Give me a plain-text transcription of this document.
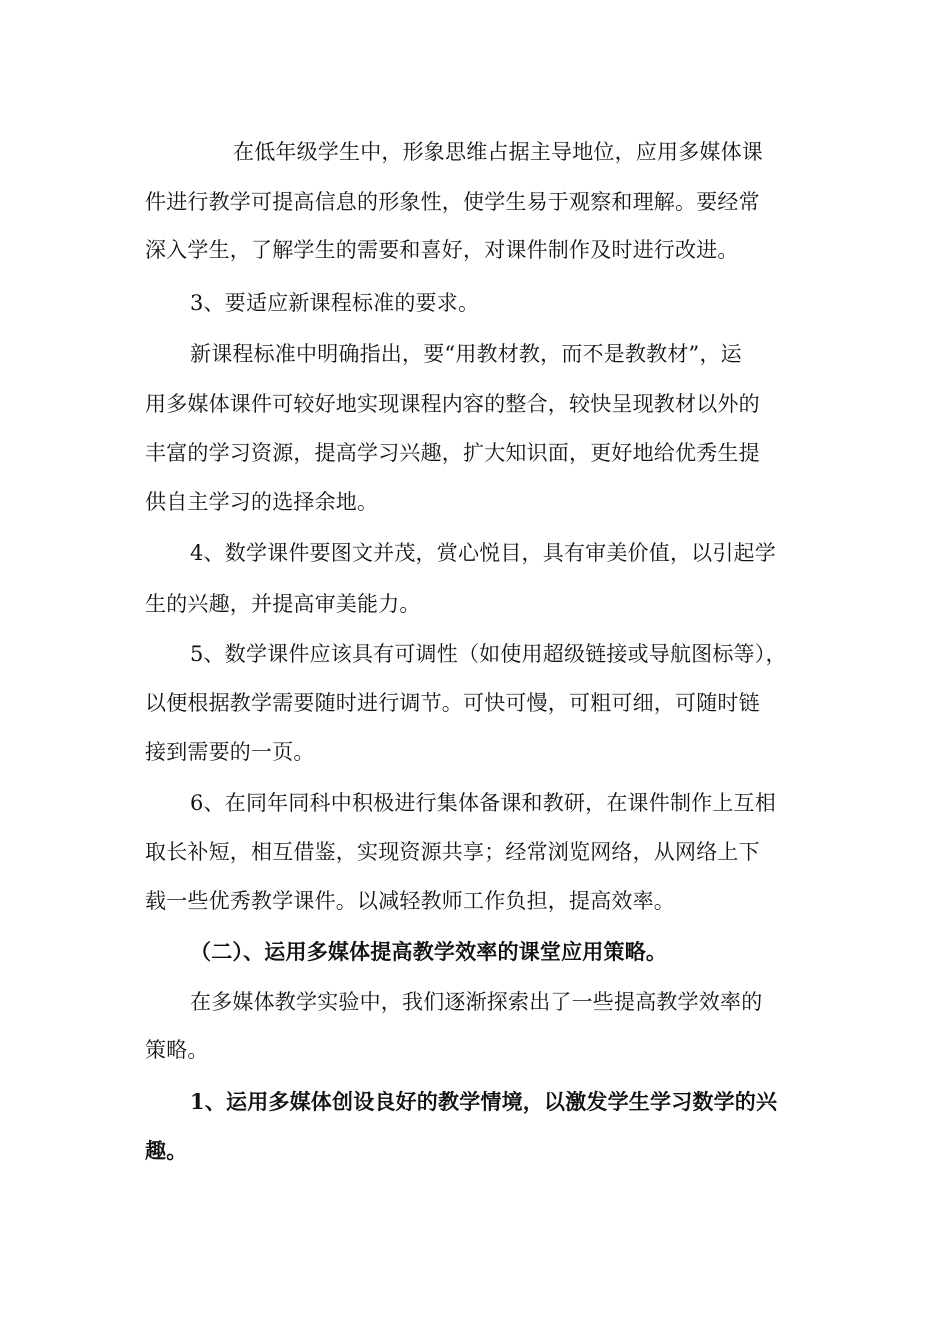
在低年级学生中，形象思维占据主导地位，应用多媒体课
件进行教学可提高信息的形象性，使学生易于观察和理解。要经常
深入学生，了解学生的需要和喜好，对课件制作及时进行改进。
3、要适应新课程标准的要求。
新课程标准中明确指出，要“用教材教，而不是教教材”，运
用多媒体课件可较好地实现课程内容的整合，较快呈现教材以外的
丰富的学习资源，提高学习兴趣，扩大知识面，更好地给优秀生提
供自主学习的选择余地。
4、数学课件要图文并茂，赏心悦目，具有审美价值，以引起学
生的兴趣，并提高审美能力。
5、数学课件应该具有可调性（如使用超级链接或导航图标等），
以便根据教学需要随时进行调节。可快可慢，可粗可细，可随时链
接到需要的一页。
6、在同年同科中积极进行集体备课和教研，在课件制作上互相
取长补短，相互借鉴，实现资源共享；经常浏览网络，从网络上下
载一些优秀教学课件。以减轻教师工作负担，提高效率。
（二）、运用多媒体提高教学效率的课堂应用策略。
在多媒体教学实验中，我们逐渐探索出了一些提高教学效率的
策略。
1、运用多媒体创设良好的教学情境，以激发学生学习数学的兴
趣。
